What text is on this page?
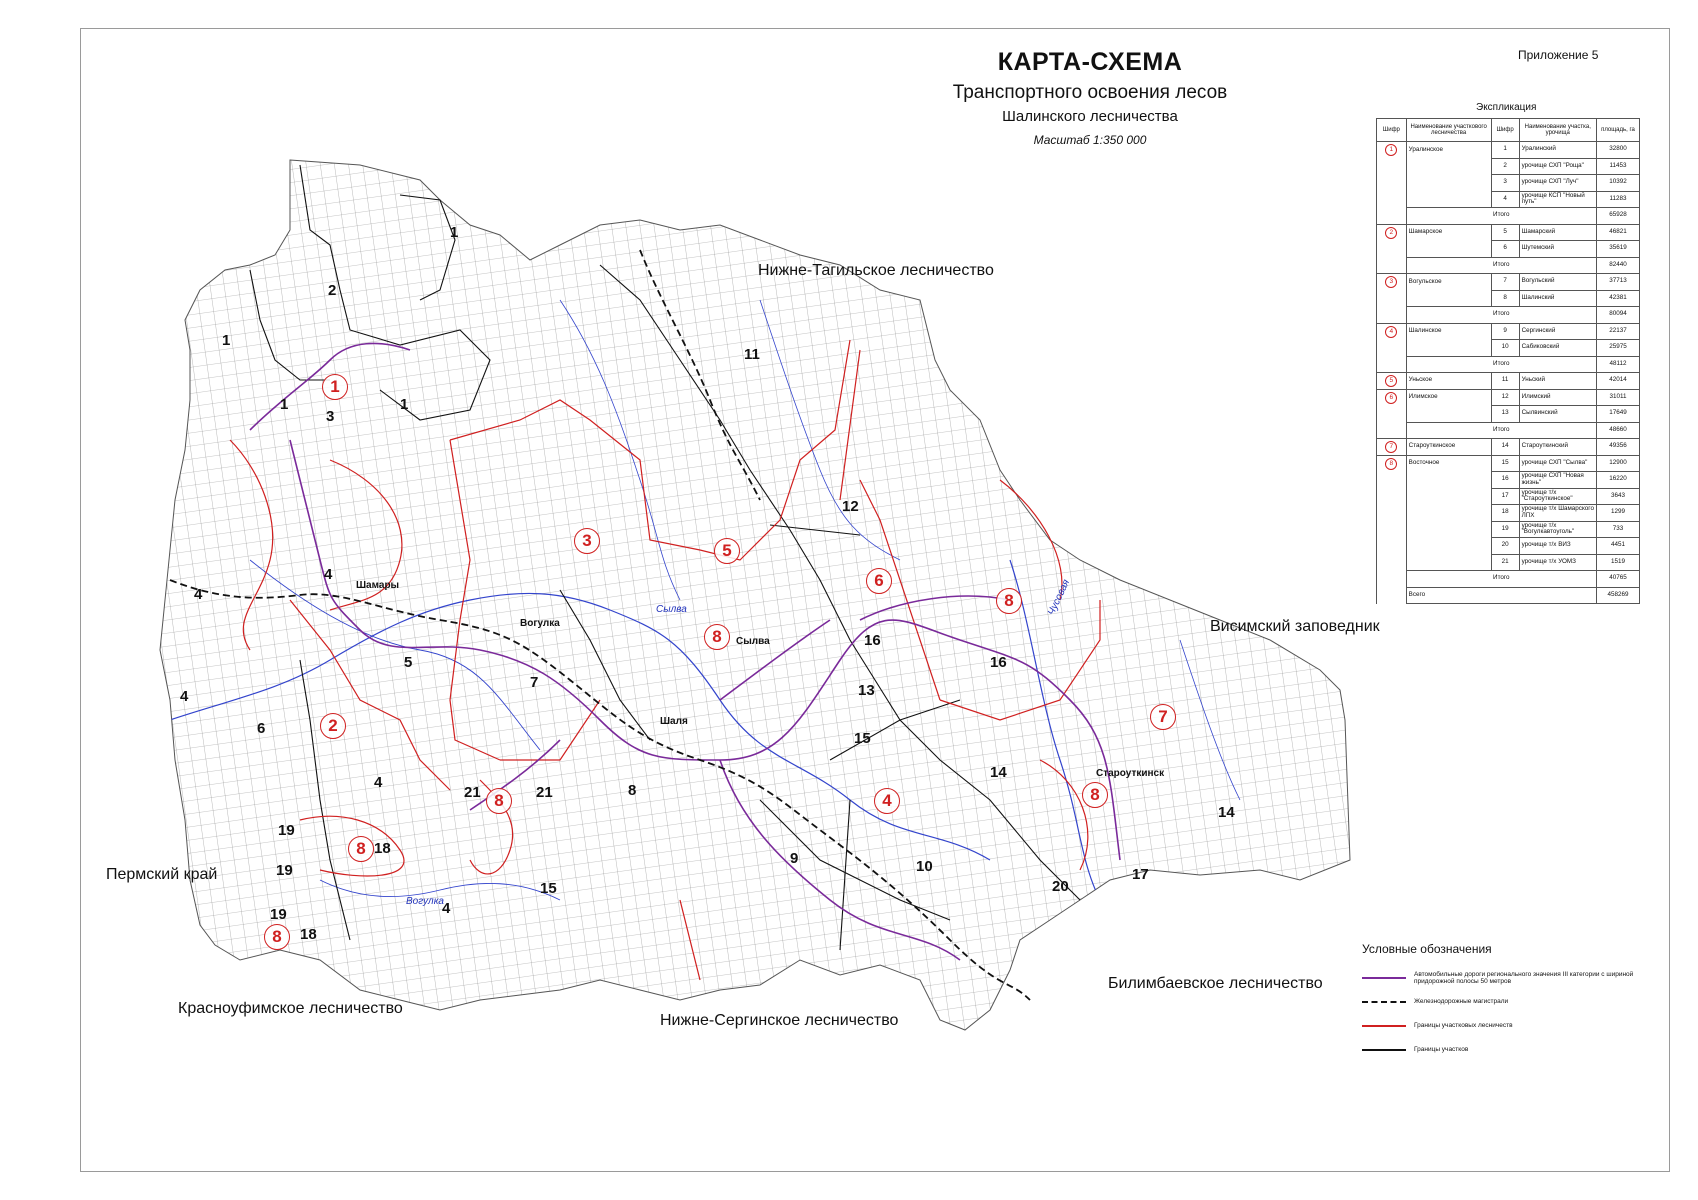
КАРТА-СХЕМА
Транспортного освоения лесов
Шалинского лесничества
Масштаб 1:350 000
Приложение 5
Нижне-Тагильское лесничество
Висимский заповедник
Билимбаевское лесничество
Нижне-Сергинское лесничество
Красноуфимское лесничество
Пермский край
Шамары
Вогулка
Сылва
Шаля
Староуткинск
Сылва
Вогулка
Чусовая
1
2
3
4
5
6
7
8
8
8
8
8
8
1
1
2
1	1
3
4
4
4
5
6
4
7
11
12
16
16
13
15
14
14
17
20
10
9
8
15
21	21
19
19
19
18
18
4
Экспликация
Шифр	Наименование участкового лесничества	Шифр	Наименование участка, урочища	площадь, га
1	Уралинское	1	Уралинский	32800
		2	урочище СХП "Роща"	11453
		3	урочище СХП "Луч"	10392
		4	урочище КСП "Новый путь"	11283
	Итого			65928
2	Шамарское	5	Шамарский	46821
		6	Шутемский	35619
	Итого			82440
3	Вогульское	7	Вогульский	37713
		8	Шалинский	42381
	Итого			80094
4	Шалинское	9	Сергинский	22137
		10	Сабиковский	25975
	Итого			48112
5	Уньское	11	Уньский	42014
6	Илимское	12	Илимский	31011
		13	Сылвинский	17649
	Итого			48660
7	Староуткинское	14	Староуткинский	49356
8	Восточное	15	урочище СХП "Сылва"	12900
		16	урочище СХП "Новая жизнь"	16220
		17	урочище т/х "Староуткинское"	3643
		18	урочище т/х Шамарского ЛПХ	1299
		19	урочище т/х "Вогулкавтоуголь"	733
		20	урочище т/х ВИЗ	4451
		21	урочище т/х УОМЗ	1519
	Итого			40765
	Всего			458269
Условные обозначения
Автомобильные дороги регионального значения III категории с шириной придорожной полосы 50 метров
Железнодорожные магистрали
Границы участковых лесничеств
Границы участков
